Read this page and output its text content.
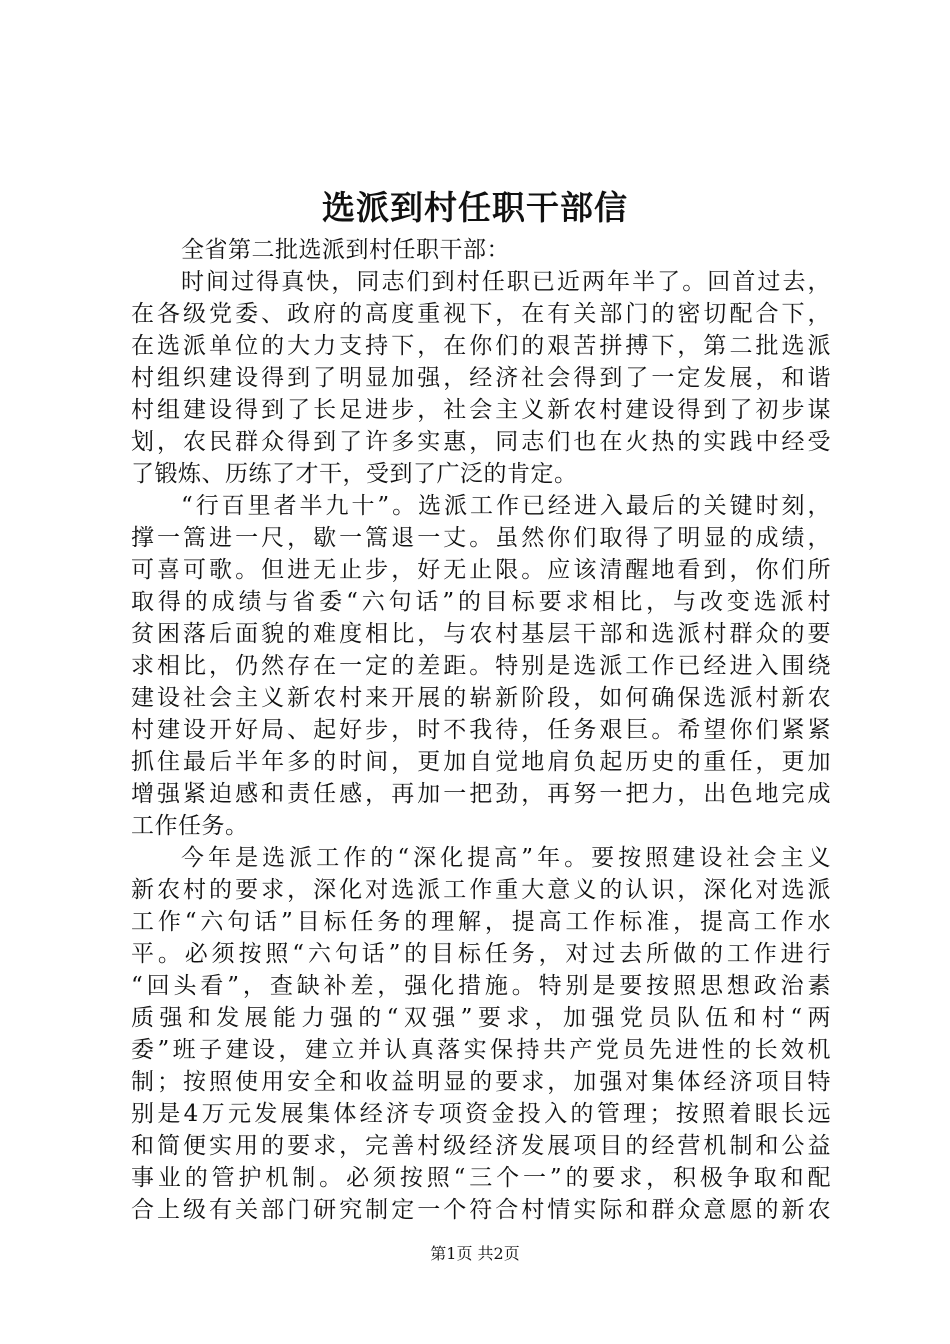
选派到村任职干部信
全省第二批选派到村任职干部：
时间过得真快，同志们到村任职已近两年半了。回首过去，
在各级党委、政府的高度重视下，在有关部门的密切配合下，
在选派单位的大力支持下，在你们的艰苦拼搏下，第二批选派
村组织建设得到了明显加强，经济社会得到了一定发展，和谐
村组建设得到了长足进步，社会主义新农村建设得到了初步谋
划，农民群众得到了许多实惠，同志们也在火热的实践中经受
了锻炼、历练了才干，受到了广泛的肯定。
“行百里者半九十”。选派工作已经进入最后的关键时刻，
撑一篙进一尺，歇一篙退一丈。虽然你们取得了明显的成绩，
可喜可歌。但进无止步，好无止限。应该清醒地看到，你们所
取得的成绩与省委“六句话”的目标要求相比，与改变选派村
贫困落后面貌的难度相比，与农村基层干部和选派村群众的要
求相比，仍然存在一定的差距。特别是选派工作已经进入围绕
建设社会主义新农村来开展的崭新阶段，如何确保选派村新农
村建设开好局、起好步，时不我待，任务艰巨。希望你们紧紧
抓住最后半年多的时间，更加自觉地肩负起历史的重任，更加
增强紧迫感和责任感，再加一把劲，再努一把力，出色地完成
工作任务。
今年是选派工作的“深化提高”年。要按照建设社会主义
新农村的要求，深化对选派工作重大意义的认识，深化对选派
工作“六句话”目标任务的理解，提高工作标准，提高工作水
平。必须按照“六句话”的目标任务，对过去所做的工作进行
“回头看”，查缺补差，强化措施。特别是要按照思想政治素
质强和发展能力强的“双强”要求，加强党员队伍和村“两
委”班子建设，建立并认真落实保持共产党员先进性的长效机
制；按照使用安全和收益明显的要求，加强对集体经济项目特
别是4万元发展集体经济专项资金投入的管理；按照着眼长远
和简便实用的要求，完善村级经济发展项目的经营机制和公益
事业的管护机制。必须按照“三个一”的要求，积极争取和配
合上级有关部门研究制定一个符合村情实际和群众意愿的新农
第1页 共2页
